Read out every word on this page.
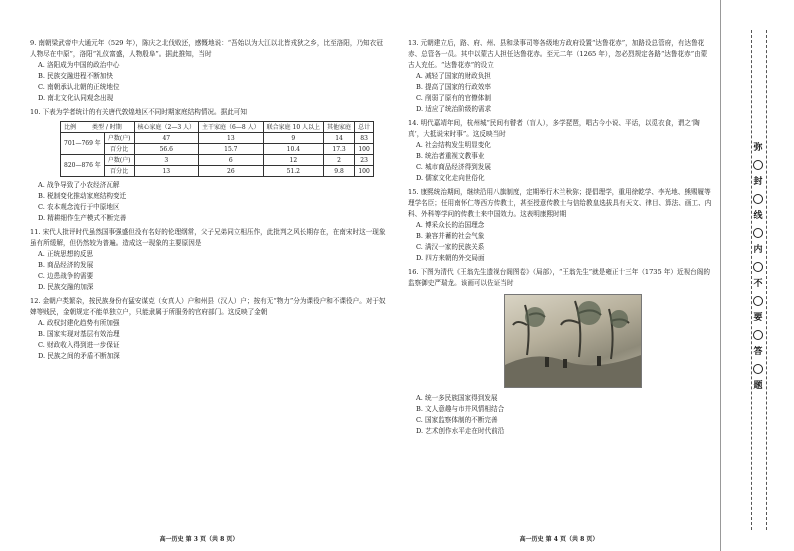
9. 南朝梁武帝中大通元年（529 年），陈庆之北伐败还，感慨地说：“吾始以为大江以北皆戎狄之乡，比至洛阳，乃知衣冠人物尽在中原”，洛阳“礼仪富盛，人物殷阜”。据此推知，当时

A. 洛阳成为中国的政治中心

B. 民族交融进程不断加快

C. 南朝承认北朝的正统地位

D. 南北文化认同观念出现

10. 下表为学者统计的有关唐代敦煌地区不同时期家庭结构情况。据此可知

比例 类型 / 时期		核心家庭（2—3 人）	主干家庭（6—8 人）	联合家庭 10 人以上	其他家庭	总计
701—769 年	户数(户)	47	13	9	14	83
	百分比	56.6	15.7	10.4	17.3	100
820—876 年	户数(户)	3	6	12	2	23
	百分比	13	26	51.2	9.8	100

A. 战争导致了小农经济瓦解

B. 税制变化推动家庭结构变迁

C. 农本观念流行于中原地区

D. 精耕细作生产模式不断完善

11. 宋代人批评时代虽然国事强盛但没有名好的伦理纲常，父子兄弟同立相压作，此批判之风长期存在，在南宋时这一现象虽有所缓解，但仍然较为普遍。造成这一现象的主要原因是

A. 正统思想的反思

B. 商品经济的发展

C. 边患战争的需要

D. 民族交融的加深

12. 金朝户类繁杂，按民族身份有猛安谋克（女真人）户和州县（汉人）户；按有无“物力”分为课役户和不课役户。对于奴婢等贱民，金朝规定不能单独立户，只能隶属于所服务的官府部门。这反映了金朝

A. 政权封建化趋势有所加强

B. 国家实现对基层有效治理

C. 财政收入得到进一步保证

D. 民族之间的矛盾不断加深

高一历史 第 3 页（共 8 页）

13. 元朝建立后，路、府、州、县和录事司等各级地方政府设置“达鲁花赤”，加路设总管府，有达鲁花赤、总管各一员。其中以蒙古人担任达鲁花赤。至元二年（1265 年），忽必烈规定各路“达鲁花赤”由蒙古人充任。“达鲁花赤”的设立

A. 减轻了国家的财政负担

B. 提高了国家的行政效率

C. 削弱了原有的官僚体制

D. 适应了统治阶级的需求

14. 明代嘉靖年间，杭州城“民间有瞽者（盲人），多学琵琶，唱古今小说、平话，以觅衣食，谓之‘陶真’，大抵说宋时事”。这反映当时

A. 社会结构发生明显变化

B. 统治者重视文教事业

C. 城市商品经济得到发展

D. 儒家文化走向世俗化

15. 康熙统治期间，继续沿用八旗制度，定期举行木兰秋狝；提倡理学，重用徐乾学、李光地、熊赐履等理学名臣；任用南怀仁等西方传教士，甚至授意传教士与信给教皇选拔具有天文、律目、算法、画工、内科、外科等学问的传教士来中国效力。这表明康熙时期

A. 博采众长的治国理念

B. 兼容并蓄的社会气象

C. 满汉一家的民族关系

D. 四方来朝的外交局面

16. 下图为清代《王翁先生遗视台阁图卷》（局部），“王翁先生”就是雍正十三年（1735 年）近视台阁的监察御史严瑞龙。该画可以佐证当时

A. 统一多民族国家得到发展

B. 文人意趣与市井风情相结合

C. 国家监察体制的不断完善

D. 艺术创作水平走在时代前沿

高一历史 第 4 页（共 8 页）
弥
封
线
内
不
要
答
题
